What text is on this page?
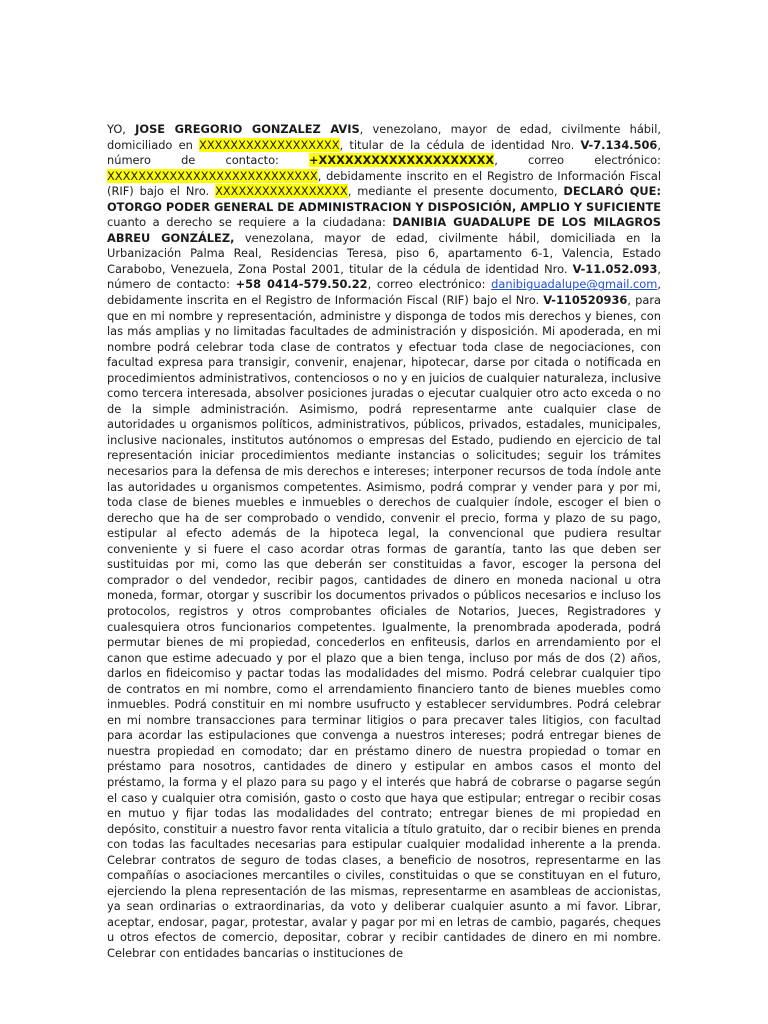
YO, JOSE GREGORIO GONZALEZ AVIS, venezolano, mayor de edad, civilmente hábil, domiciliado en XXXXXXXXXXXXXXXXXX, titular de la cédula de identidad Nro. V-7.134.506, número de contacto: +XXXXXXXXXXXXXXXXXXXX, correo electrónico: XXXXXXXXXXXXXXXXXXXXXXXXXXX, debidamente inscrito en el Registro de Información Fiscal (RIF) bajo el Nro. XXXXXXXXXXXXXXXXX, mediante el presente documento, DECLARÓ QUE: OTORGO PODER GENERAL DE ADMINISTRACION Y DISPOSICIÓN, AMPLIO Y SUFICIENTE cuanto a derecho se requiere a la ciudadana: DANIBIA GUADALUPE DE LOS MILAGROS ABREU GONZÁLEZ, venezolana, mayor de edad, civilmente hábil, domiciliada en la Urbanización Palma Real, Residencias Teresa, piso 6, apartamento 6-1, Valencia, Estado Carabobo, Venezuela, Zona Postal 2001, titular de la cédula de identidad Nro. V-11.052.093, número de contacto: +58 0414-579.50.22, correo electrónico: danibiguadalupe@gmail.com, debidamente inscrita en el Registro de Información Fiscal (RIF) bajo el Nro. V-110520936, para que en mi nombre y representación, administre y disponga de todos mis derechos y bienes, con las más amplias y no limitadas facultades de administración y disposición. Mi apoderada, en mi nombre podrá celebrar toda clase de contratos y efectuar toda clase de negociaciones, con facultad expresa para transigir, convenir, enajenar, hipotecar, darse por citada o notificada en procedimientos administrativos, contenciosos o no y en juicios de cualquier naturaleza, inclusive como tercera interesada, absolver posiciones juradas o ejecutar cualquier otro acto exceda o no de la simple administración. Asimismo, podrá representarme ante cualquier clase de autoridades u organismos políticos, administrativos, públicos, privados, estadales, municipales, inclusive nacionales, institutos autónomos o empresas del Estado, pudiendo en ejercicio de tal representación iniciar procedimientos mediante instancias o solicitudes; seguir los trámites necesarios para la defensa de mis derechos e intereses; interponer recursos de toda índole ante las autoridades u organismos competentes. Asimismo, podrá comprar y vender para y por mi, toda clase de bienes muebles e inmuebles o derechos de cualquier índole, escoger el bien o derecho que ha de ser comprobado o vendido, convenir el precio, forma y plazo de su pago, estipular al efecto además de la hipoteca legal, la convencional que pudiera resultar conveniente y si fuere el caso acordar otras formas de garantía, tanto las que deben ser sustituidas por mi, como las que deberán ser constituidas a favor, escoger la persona del comprador o del vendedor, recibir pagos, cantidades de dinero en moneda nacional u otra moneda, formar, otorgar y suscribir los documentos privados o públicos necesarios e incluso los protocolos, registros y otros comprobantes oficiales de Notarios, Jueces, Registradores y cualesquiera otros funcionarios competentes. Igualmente, la prenombrada apoderada, podrá permutar bienes de mi propiedad, concederlos en enfiteusis, darlos en arrendamiento por el canon que estime adecuado y por el plazo que a bien tenga, incluso por más de dos (2) años, darlos en fideicomiso y pactar todas las modalidades del mismo. Podrá celebrar cualquier tipo de contratos en mi nombre, como el arrendamiento financiero tanto de bienes muebles como inmuebles. Podrá constituir en mi nombre usufructo y establecer servidumbres. Podrá celebrar en mi nombre transacciones para terminar litigios o para precaver tales litigios, con facultad para acordar las estipulaciones que convenga a nuestros intereses; podrá entregar bienes de nuestra propiedad en comodato; dar en préstamo dinero de nuestra propiedad o tomar en préstamo para nosotros, cantidades de dinero y estipular en ambos casos el monto del préstamo, la forma y el plazo para su pago y el interés que habrá de cobrarse o pagarse según el caso y cualquier otra comisión, gasto o costo que haya que estipular; entregar o recibir cosas en mutuo y fijar todas las modalidades del contrato; entregar bienes de mi propiedad en depósito, constituir a nuestro favor renta vitalicia a título gratuito, dar o recibir bienes en prenda con todas las facultades necesarias para estipular cualquier modalidad inherente a la prenda. Celebrar contratos de seguro de todas clases, a beneficio de nosotros, representarme en las compañías o asociaciones mercantiles o civiles, constituidas o que se constituyan en el futuro, ejerciendo la plena representación de las mismas, representarme en asambleas de accionistas, ya sean ordinarias o extraordinarias, da voto y deliberar cualquier asunto a mi favor. Librar, aceptar, endosar, pagar, protestar, avalar y pagar por mi en letras de cambio, pagarés, cheques u otros efectos de comercio, depositar, cobrar y recibir cantidades de dinero en mi nombre. Celebrar con entidades bancarias o instituciones de
